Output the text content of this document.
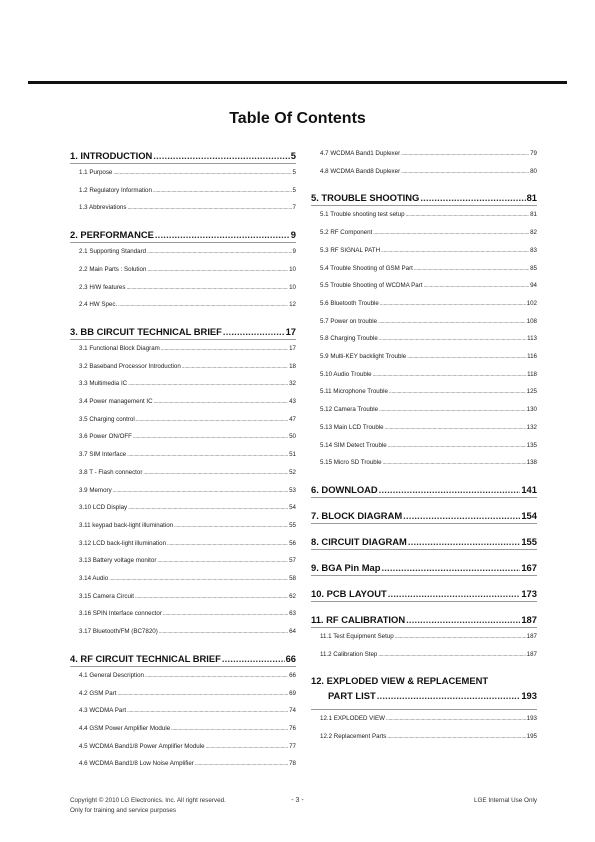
Table Of Contents
1. INTRODUCTION .....	5
1.1 Purpose .....	5
1.2 Regulatory Information .....	5
1.3 Abbreviations .....	7
2. PERFORMANCE .....	9
2.1 Supporting Standard .....	9
2.2 Main Parts : Solution .....	10
2.3 H/W features .....	10
2.4 HW Spec. .....	12
3. BB CIRCUIT TECHNICAL BRIEF .....	17
3.1 Functional Block Diagram .....	17
3.2 Baseband Processor Introduction .....	18
3.3 Multimedia IC .....	32
3.4 Power management IC .....	43
3.5 Charging control .....	47
3.6 Power ON/OFF .....	50
3.7 SIM Interface .....	51
3.8 T - Flash connector .....	52
3.9 Memory .....	53
3.10 LCD Display .....	54
3.11 keypad back-light illumination .....	55
3.12 LCD back-light illumination .....	56
3.13 Battery voltage monitor .....	57
3.14 Audio .....	58
3.15 Camera Circuit .....	62
3.16 SPIN Interface connector .....	63
3.17 Bluetooth/FM (BC7820) .....	64
4. RF CIRCUIT TECHNICAL BRIEF .....	66
4.1 General Description .....	66
4.2 GSM Part .....	69
4.3 WCDMA Part .....	74
4.4 GSM Power Amplifier Module .....	76
4.5 WCDMA Band1/8 Power Amplifier Module .....	77
4.6 WCDMA Band1/8 Low Noise Amplifier .....	78
4.7 WCDMA Band1 Duplexer .....	79
4.8 WCDMA Band8 Duplexer .....	80
5. TROUBLE SHOOTING .....	81
5.1 Trouble shooting test setup .....	81
5.2 RF Component .....	82
5.3 RF SIGNAL PATH .....	83
5.4 Trouble Shooting of GSM Part .....	85
5.5 Trouble Shooting of WCDMA Part .....	94
5.6 Bluetooth Trouble .....	102
5.7 Power on trouble .....	108
5.8 Charging Trouble .....	113
5.9 Multi-KEY backlight Trouble .....	116
5.10 Audio Trouble .....	118
5.11 Microphone Trouble .....	125
5.12 Camera Trouble .....	130
5.13 Main LCD Trouble .....	132
5.14 SIM Detect Trouble .....	135
5.15 Micro SD Trouble .....	138
6. DOWNLOAD .....	141
7. BLOCK DIAGRAM .....	154
8. CIRCUIT DIAGRAM .....	155
9. BGA Pin Map .....	167
10. PCB LAYOUT .....	173
11. RF CALIBRATION .....	187
11.1 Test Equipment Setup .....	187
11.2 Calibration Step .....	187
12. EXPLODED VIEW & REPLACEMENT
PART LIST .....	193
12.1 EXPLODED VIEW .....	193
12.2 Replacement Parts .....	195
Copyright © 2010 LG Electronics. Inc. All right reserved.
Only for training and service purposes
- 3 -	LGE Internal Use Only
